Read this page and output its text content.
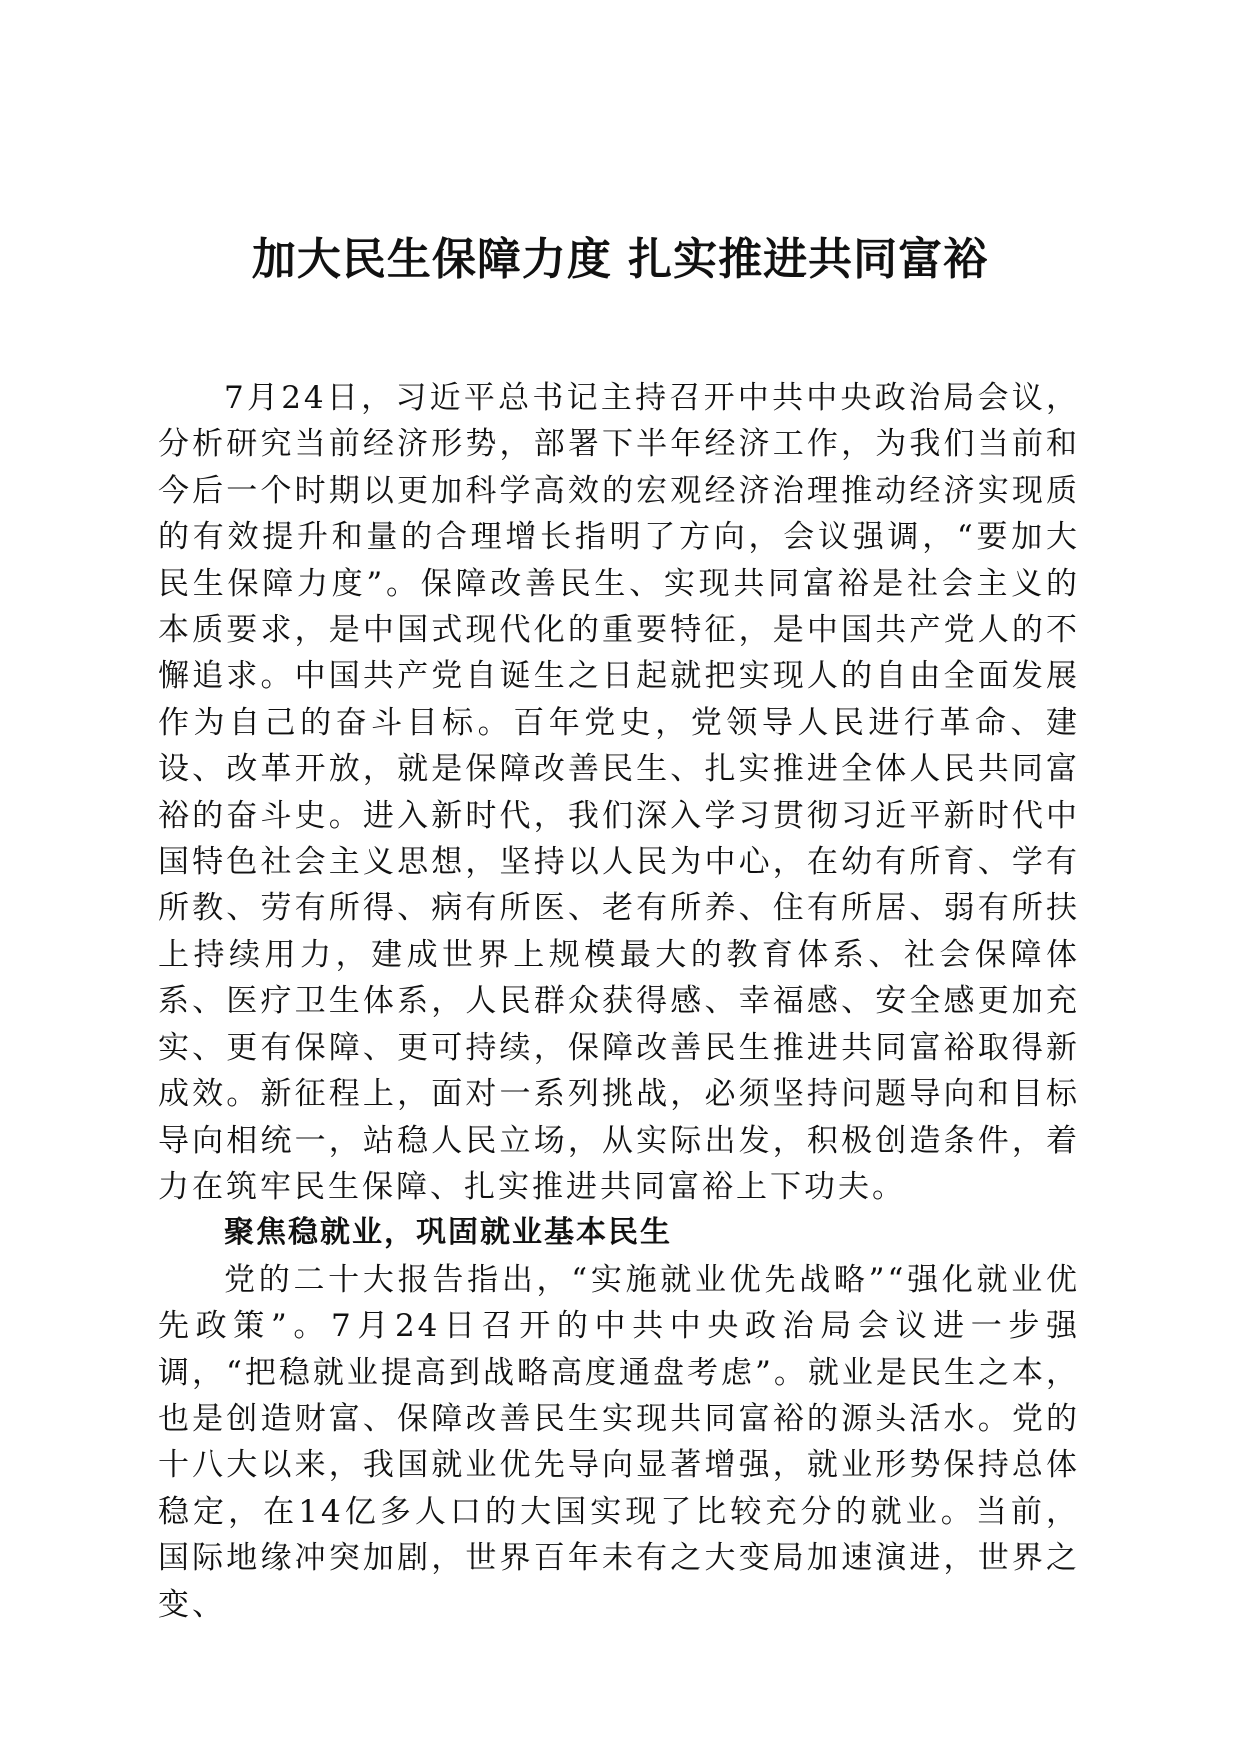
加大民生保障力度 扎实推进共同富裕

7月24日，习近平总书记主持召开中共中央政治局会议，分析研究当前经济形势，部署下半年经济工作，为我们当前和今后一个时期以更加科学高效的宏观经济治理推动经济实现质的有效提升和量的合理增长指明了方向，会议强调，“要加大民生保障力度”。保障改善民生、实现共同富裕是社会主义的本质要求，是中国式现代化的重要特征，是中国共产党人的不懈追求。中国共产党自诞生之日起就把实现人的自由全面发展作为自己的奋斗目标。百年党史，党领导人民进行革命、建设、改革开放，就是保障改善民生、扎实推进全体人民共同富裕的奋斗史。进入新时代，我们深入学习贯彻习近平新时代中国特色社会主义思想，坚持以人民为中心，在幼有所育、学有所教、劳有所得、病有所医、老有所养、住有所居、弱有所扶上持续用力，建成世界上规模最大的教育体系、社会保障体系、医疗卫生体系，人民群众获得感、幸福感、安全感更加充实、更有保障、更可持续，保障改善民生推进共同富裕取得新成效。新征程上，面对一系列挑战，必须坚持问题导向和目标导向相统一，站稳人民立场，从实际出发，积极创造条件，着力在筑牢民生保障、扎实推进共同富裕上下功夫。

聚焦稳就业，巩固就业基本民生

党的二十大报告指出，“实施就业优先战略”“强化就业优先政策”。7月24日召开的中共中央政治局会议进一步强调，“把稳就业提高到战略高度通盘考虑”。就业是民生之本，也是创造财富、保障改善民生实现共同富裕的源头活水。党的十八大以来，我国就业优先导向显著增强，就业形势保持总体稳定，在14亿多人口的大国实现了比较充分的就业。当前，国际地缘冲突加剧，世界百年未有之大变局加速演进，世界之变、
